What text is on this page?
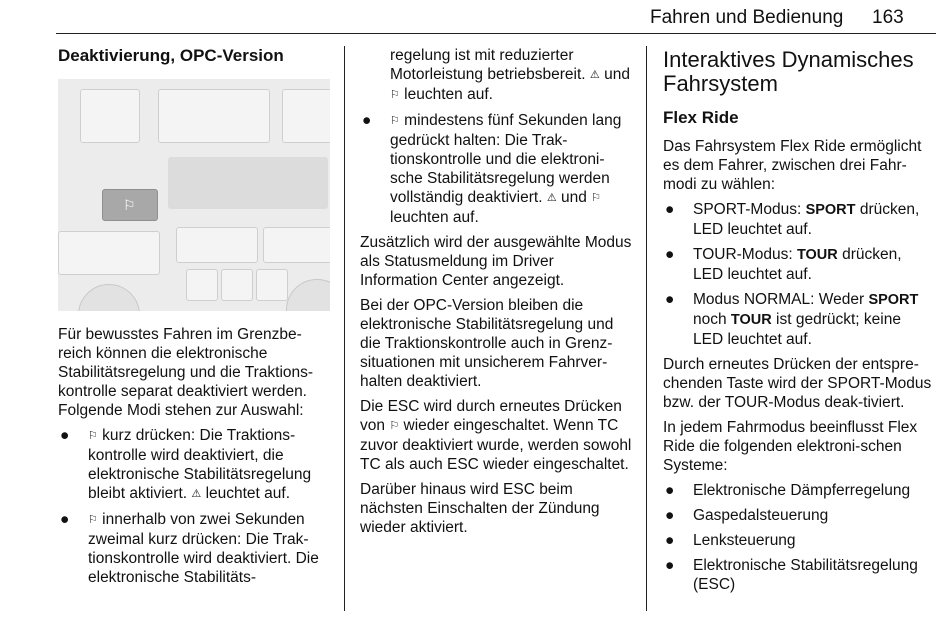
Fahren und Bedienung 163
Deaktivierung, OPC-Version
⚐

Für bewusstes Fahren im Grenzbe-reich können die elektronische Stabilitätsregelung und die Traktions-kontrolle separat deaktiviert werden. Folgende Modi stehen zur Auswahl:

● ⚐ kurz drücken: Die Traktions-kontrolle wird deaktiviert, die elektronische Stabilitätsregelung bleibt aktiviert. ⚠ leuchtet auf.
● ⚐ innerhalb von zwei Sekunden zweimal kurz drücken: Die Trak-tionskontrolle wird deaktiviert. Die elektronische Stabilitäts-
regelung ist mit reduzierter Motorleistung betriebsbereit. ⚠ und ⚐ leuchten auf.
● ⚐ mindestens fünf Sekunden lang gedrückt halten: Die Trak-tionskontrolle und die elektroni-sche Stabilitätsregelung werden vollständig deaktiviert. ⚠ und ⚐ leuchten auf.

Zusätzlich wird der ausgewählte Modus als Statusmeldung im Driver Information Center angezeigt.

Bei der OPC-Version bleiben die elektronische Stabilitätsregelung und die Traktionskontrolle auch in Grenz-situationen mit unsicherem Fahrver-halten deaktiviert.

Die ESC wird durch erneutes Drücken von ⚐ wieder eingeschaltet. Wenn TC zuvor deaktiviert wurde, werden sowohl TC als auch ESC wieder eingeschaltet.

Darüber hinaus wird ESC beim nächsten Einschalten der Zündung wieder aktiviert.

Interaktives Dynamisches Fahrsystem
Flex Ride

Das Fahrsystem Flex Ride ermöglicht es dem Fahrer, zwischen drei Fahr-modi zu wählen:

● SPORT-Modus: SPORT drücken, LED leuchtet auf.
● TOUR-Modus: TOUR drücken, LED leuchtet auf.
● Modus NORMAL: Weder SPORT noch TOUR ist gedrückt; keine LED leuchtet auf.

Durch erneutes Drücken der entspre-chenden Taste wird der SPORT-Modus bzw. der TOUR-Modus deak-tiviert.

In jedem Fahrmodus beeinflusst Flex Ride die folgenden elektroni-schen Systeme:

● Elektronische Dämpferregelung
● Gaspedalsteuerung
● Lenksteuerung
● Elektronische Stabilitätsregelung (ESC)
